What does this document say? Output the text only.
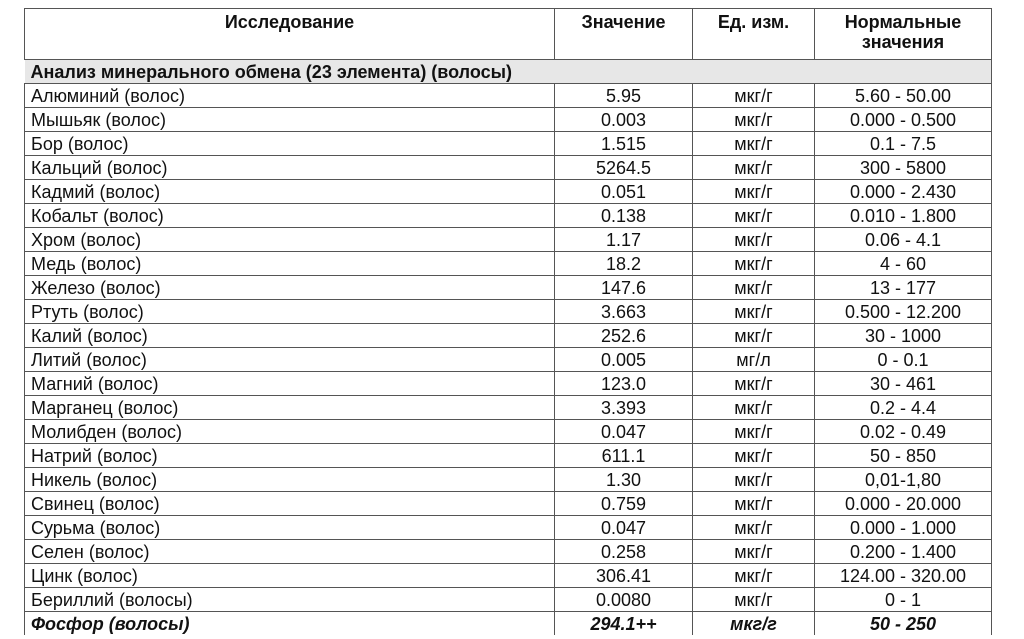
Исследование	Значение	Ед. изм.	Нормальные значения
Анализ минерального обмена (23 элемента) (волосы)			
Алюминий (волос)	5.95	мкг/г	5.60 - 50.00
Мышьяк (волос)	0.003	мкг/г	0.000 - 0.500
Бор (волос)	1.515	мкг/г	0.1 - 7.5
Кальций (волос)	5264.5	мкг/г	300 - 5800
Кадмий (волос)	0.051	мкг/г	0.000 - 2.430
Кобальт (волос)	0.138	мкг/г	0.010 - 1.800
Хром (волос)	1.17	мкг/г	0.06 - 4.1
Медь (волос)	18.2	мкг/г	4 - 60
Железо (волос)	147.6	мкг/г	13 - 177
Ртуть (волос)	3.663	мкг/г	0.500 - 12.200
Калий (волос)	252.6	мкг/г	30 - 1000
Литий (волос)	0.005	мг/л	0 - 0.1
Магний (волос)	123.0	мкг/г	30 - 461
Марганец (волос)	3.393	мкг/г	0.2 - 4.4
Молибден (волос)	0.047	мкг/г	0.02 - 0.49
Натрий (волос)	611.1	мкг/г	50 - 850
Никель (волос)	1.30	мкг/г	0,01-1,80
Свинец (волос)	0.759	мкг/г	0.000 - 20.000
Сурьма (волос)	0.047	мкг/г	0.000 - 1.000
Селен (волос)	0.258	мкг/г	0.200 - 1.400
Цинк (волос)	306.41	мкг/г	124.00 - 320.00
Бериллий (волосы)	0.0080	мкг/г	0 - 1
Фосфор (волосы)	294.1++	мкг/г	50 - 250
